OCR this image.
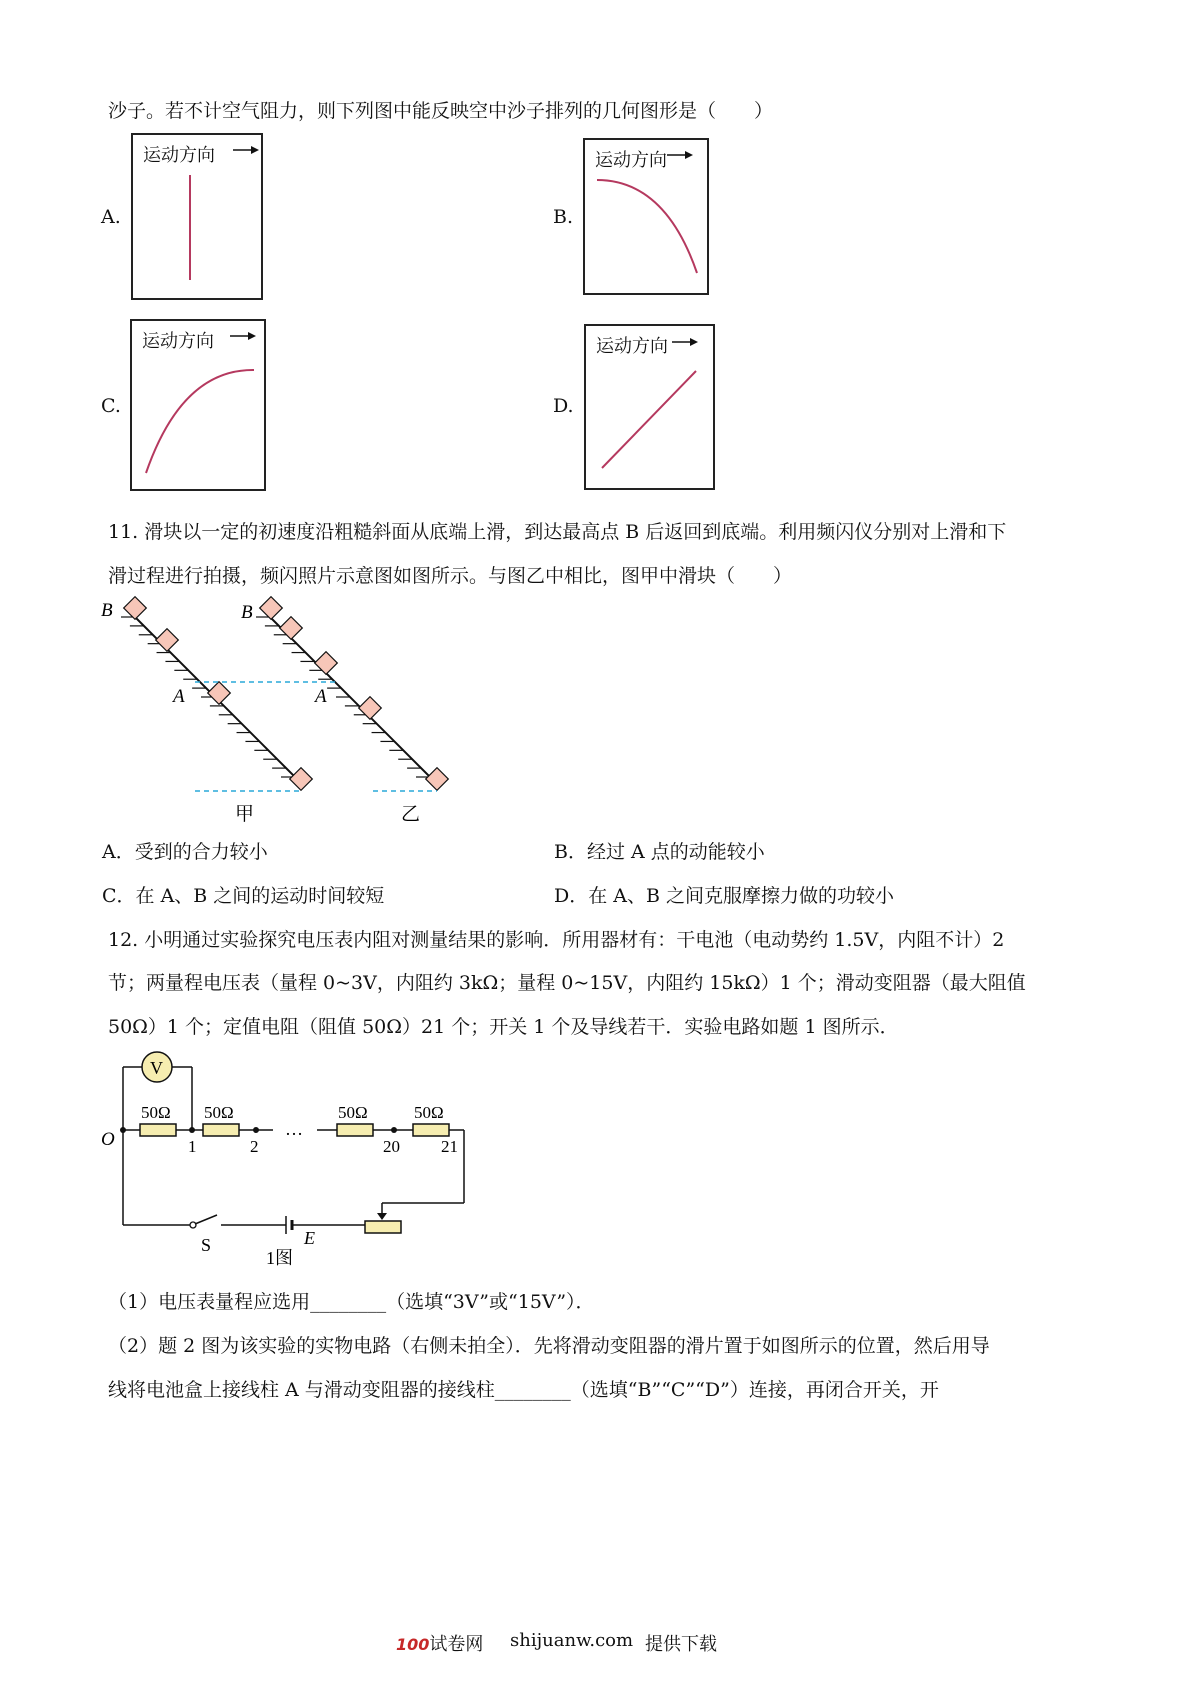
沙子。若不计空气阻力，则下列图中能反映空中沙子排列的几何图形是（　　）
A.
运动方向
B.
运动方向
C.
运动方向
D.
运动方向
11. 滑块以一定的初速度沿粗糙斜面从底端上滑，到达最高点 B 后返回到底端。利用频闪仪分别对上滑和下
滑过程进行拍摄，频闪照片示意图如图所示。与图乙中相比，图甲中滑块（　　）
B
A
甲
B
A
乙
A．受到的合力较小	B．经过 A 点的动能较小
C．在 A、B 之间的运动时间较短	D．在 A、B 之间克服摩擦力做的功较小
12. 小明通过实验探究电压表内阻对测量结果的影响．所用器材有：干电池（电动势约 1.5V，内阻不计）2
节；两量程电压表（量程 0~3V，内阻约 3kΩ；量程 0~15V，内阻约 15kΩ）1 个；滑动变阻器（最大阻值
50Ω）1 个；定值电阻（阻值 50Ω）21 个；开关 1 个及导线若干．实验电路如题 1 图所示．
V
…
50Ω 50Ω	50Ω	50Ω
O	1	2	20 21
S	E
1图
（1）电压表量程应选用________（选填“3V”或“15V”）．
（2）题 2 图为该实验的实物电路（右侧未拍全）．先将滑动变阻器的滑片置于如图所示的位置，然后用导
线将电池盒上接线柱 A 与滑动变阻器的接线柱________（选填“B”“C”“D”）连接，再闭合开关，开
100试卷网 shijuanw.com 提供下载
